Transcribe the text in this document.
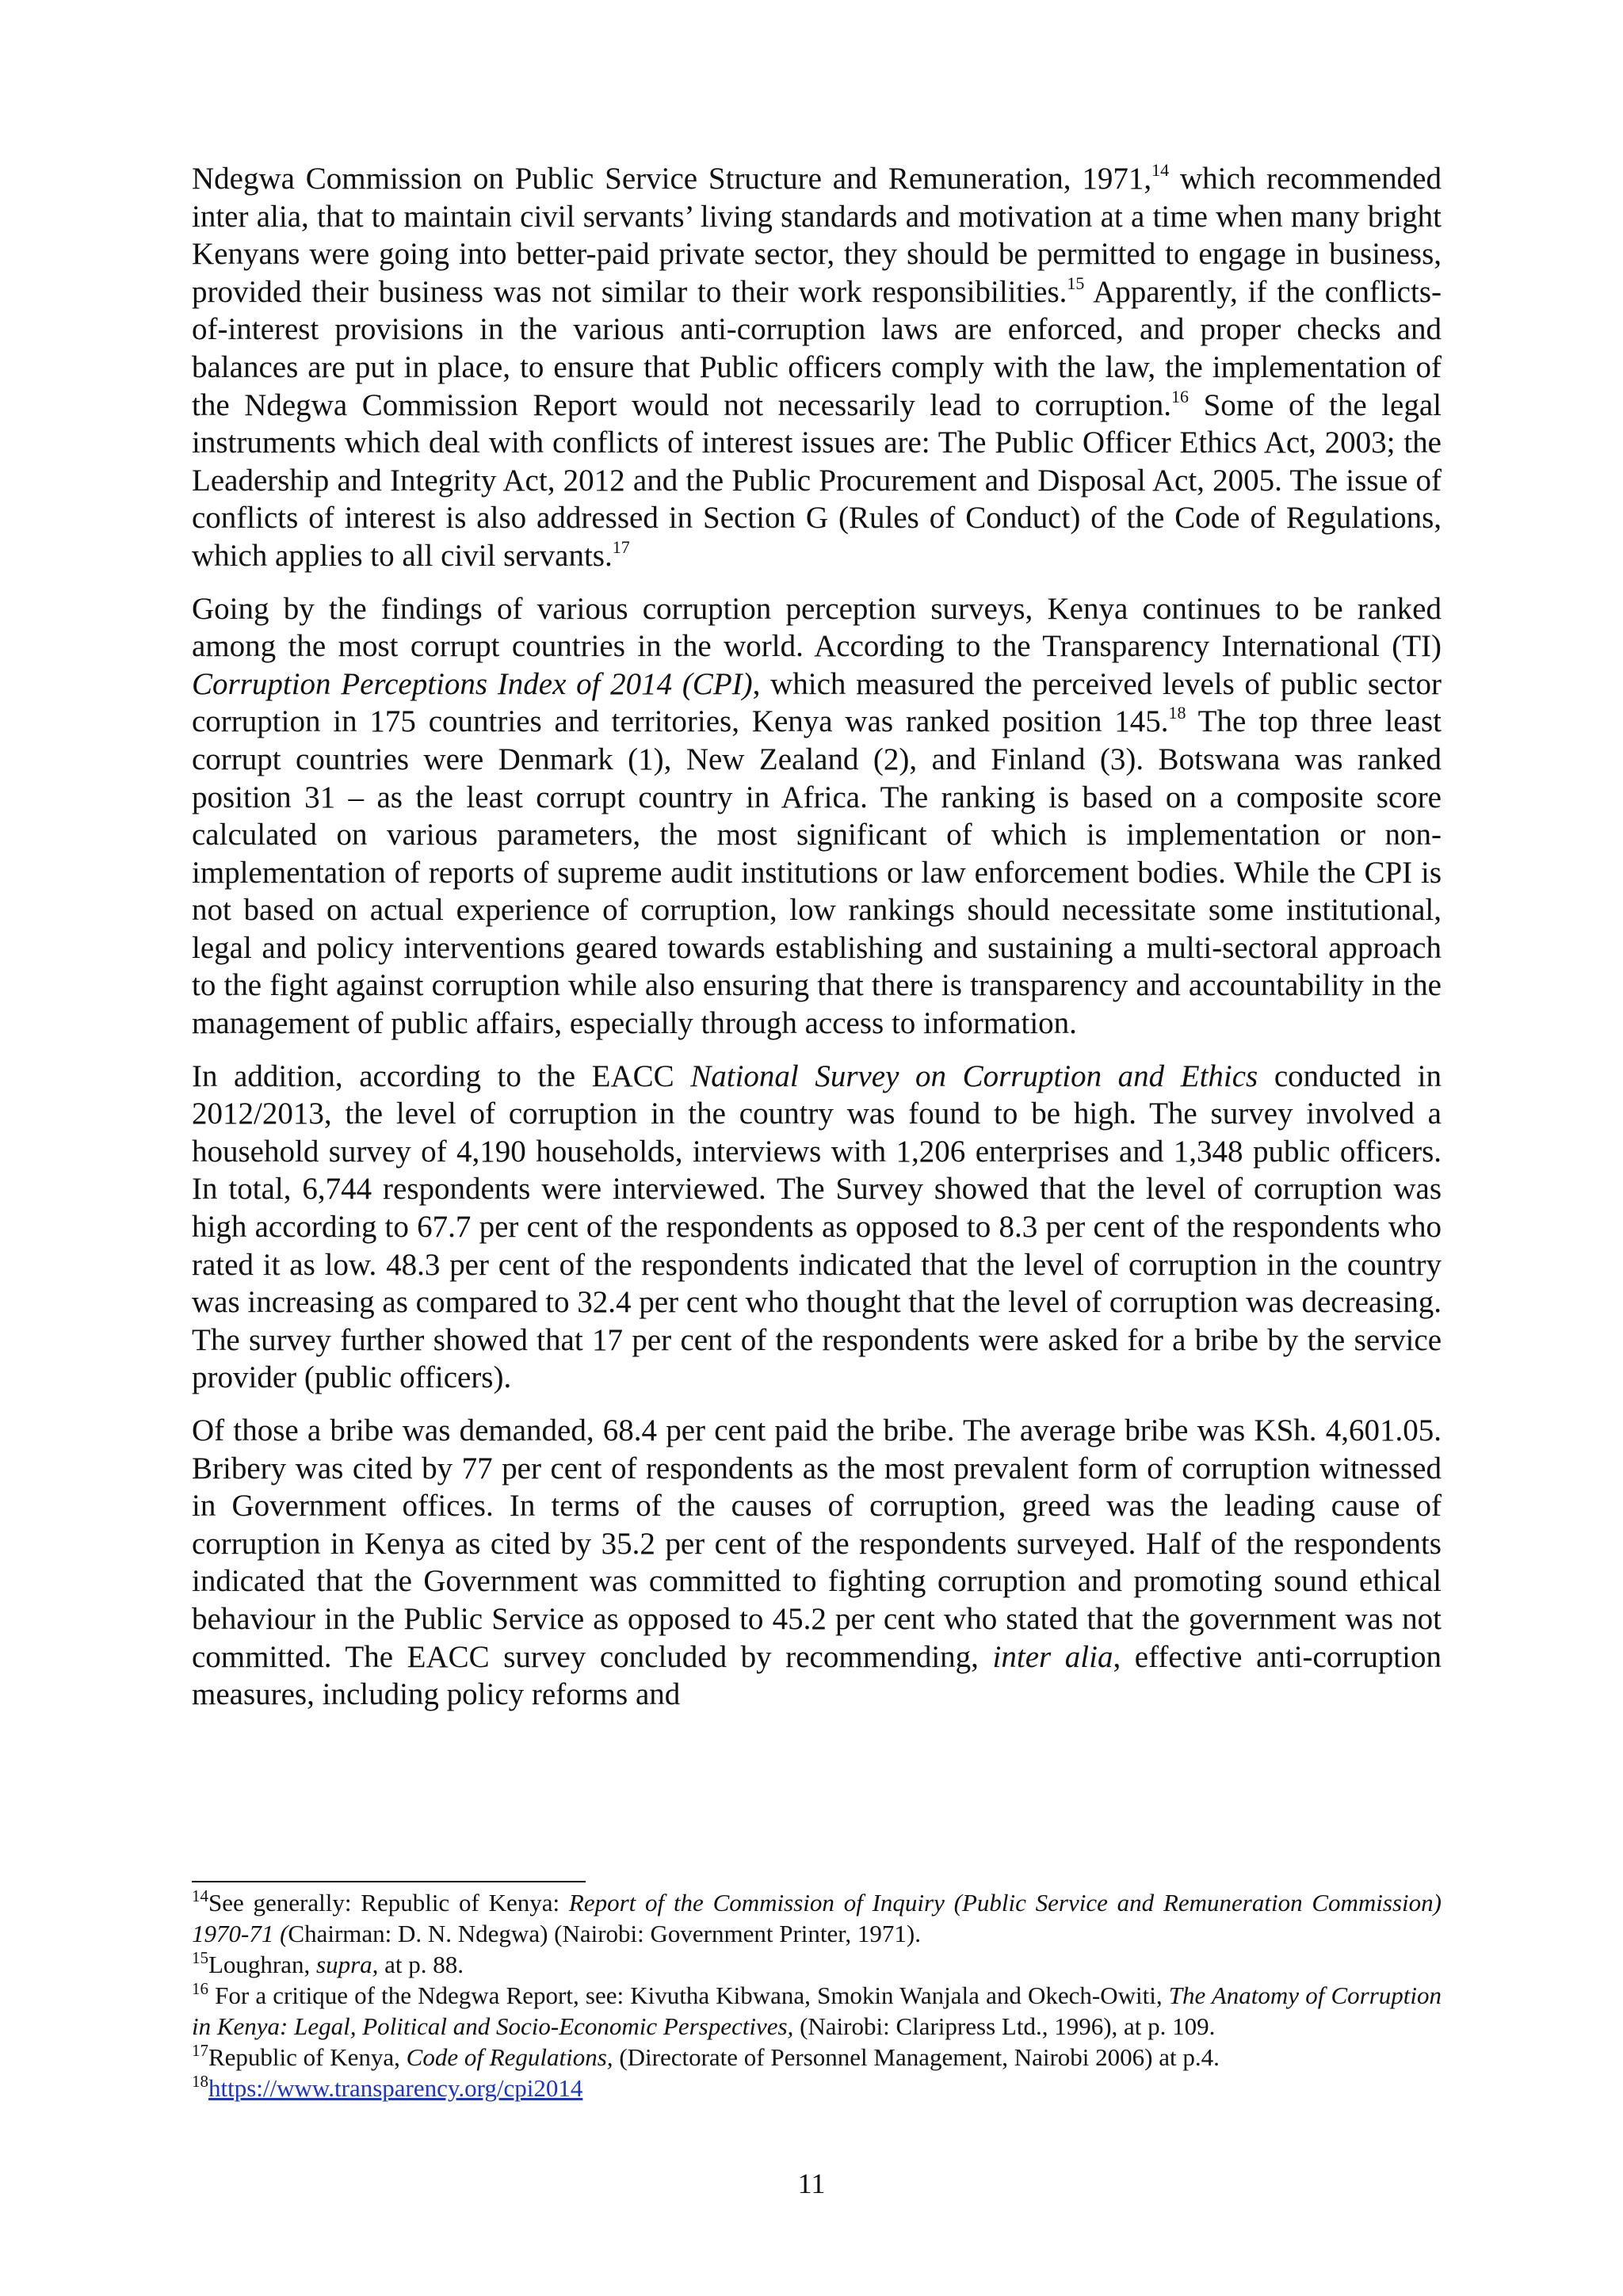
Ndegwa Commission on Public Service Structure and Remuneration, 1971,14 which recommended inter alia, that to maintain civil servants’ living standards and motivation at a time when many bright Kenyans were going into better-paid private sector, they should be permitted to engage in business, provided their business was not similar to their work responsibilities.$^{15}$ Apparently, if the conflicts-of-interest provisions in the various anti-corruption laws are enforced, and proper checks and balances are put in place, to ensure that Public officers comply with the law, the implementation of the Ndegwa Commission Report would not necessarily lead to corruption.$^{16}$ Some of the legal instruments which deal with conflicts of interest issues are: The Public Officer Ethics Act, 2003; the Leadership and Integrity Act, 2012 and the Public Procurement and Disposal Act, 2005. The issue of conflicts of interest is also addressed in Section G (Rules of Conduct) of the Code of Regulations, which applies to all civil servants.$^{17}$

Going by the findings of various corruption perception surveys, Kenya continues to be ranked among the most corrupt countries in the world. According to the Transparency International (TI) Corruption Perceptions Index of 2014 (CPI), which measured the perceived levels of public sector corruption in 175 countries and territories, Kenya was ranked position 145.18 The top three least corrupt countries were Denmark (1), New Zealand (2), and Finland (3). Botswana was ranked position 31 – as the least corrupt country in Africa. The ranking is based on a composite score calculated on various parameters, the most significant of which is implementation or non-implementation of reports of supreme audit institutions or law enforcement bodies. While the CPI is not based on actual experience of corruption, low rankings should necessitate some institutional, legal and policy interventions geared towards establishing and sustaining a multi-sectoral approach to the fight against corruption while also ensuring that there is transparency and accountability in the management of public affairs, especially through access to information.

In addition, according to the EACC National Survey on Corruption and Ethics conducted in 2012/2013, the level of corruption in the country was found to be high. The survey involved a household survey of 4,190 households, interviews with 1,206 enterprises and 1,348 public officers. In total, 6,744 respondents were interviewed. The Survey showed that the level of corruption was high according to 67.7 per cent of the respondents as opposed to 8.3 per cent of the respondents who rated it as low. 48.3 per cent of the respondents indicated that the level of corruption in the country was increasing as compared to 32.4 per cent who thought that the level of corruption was decreasing. The survey further showed that 17 per cent of the respondents were asked for a bribe by the service provider (public officers).

Of those a bribe was demanded, 68.4 per cent paid the bribe. The average bribe was KSh. 4,601.05. Bribery was cited by 77 per cent of respondents as the most prevalent form of corruption witnessed in Government offices. In terms of the causes of corruption, greed was the leading cause of corruption in Kenya as cited by 35.2 per cent of the respondents surveyed. Half of the respondents indicated that the Government was committed to fighting corruption and promoting sound ethical behaviour in the Public Service as opposed to 45.2 per cent who stated that the government was not committed. The EACC survey concluded by recommending, inter alia, effective anti-corruption measures, including policy reforms and

$^{14}$See generally: Republic of Kenya: Report of the Commission of Inquiry (Public Service and Remuneration Commission) 1970-71 (Chairman: D. N. Ndegwa) (Nairobi: Government Printer, 1971).

$^{15}$Loughran, supra, at p. 88.

$^{16}$ For a critique of the Ndegwa Report, see: Kivutha Kibwana, Smokin Wanjala and Okech-Owiti, The Anatomy of Corruption in Kenya: Legal, Political and Socio-Economic Perspectives, (Nairobi: Claripress Ltd., 1996), at p. 109.

$^{17}$Republic of Kenya, Code of Regulations, (Directorate of Personnel Management, Nairobi 2006) at p.4.

$^{18}$https://www.transparency.org/cpi2014

11
